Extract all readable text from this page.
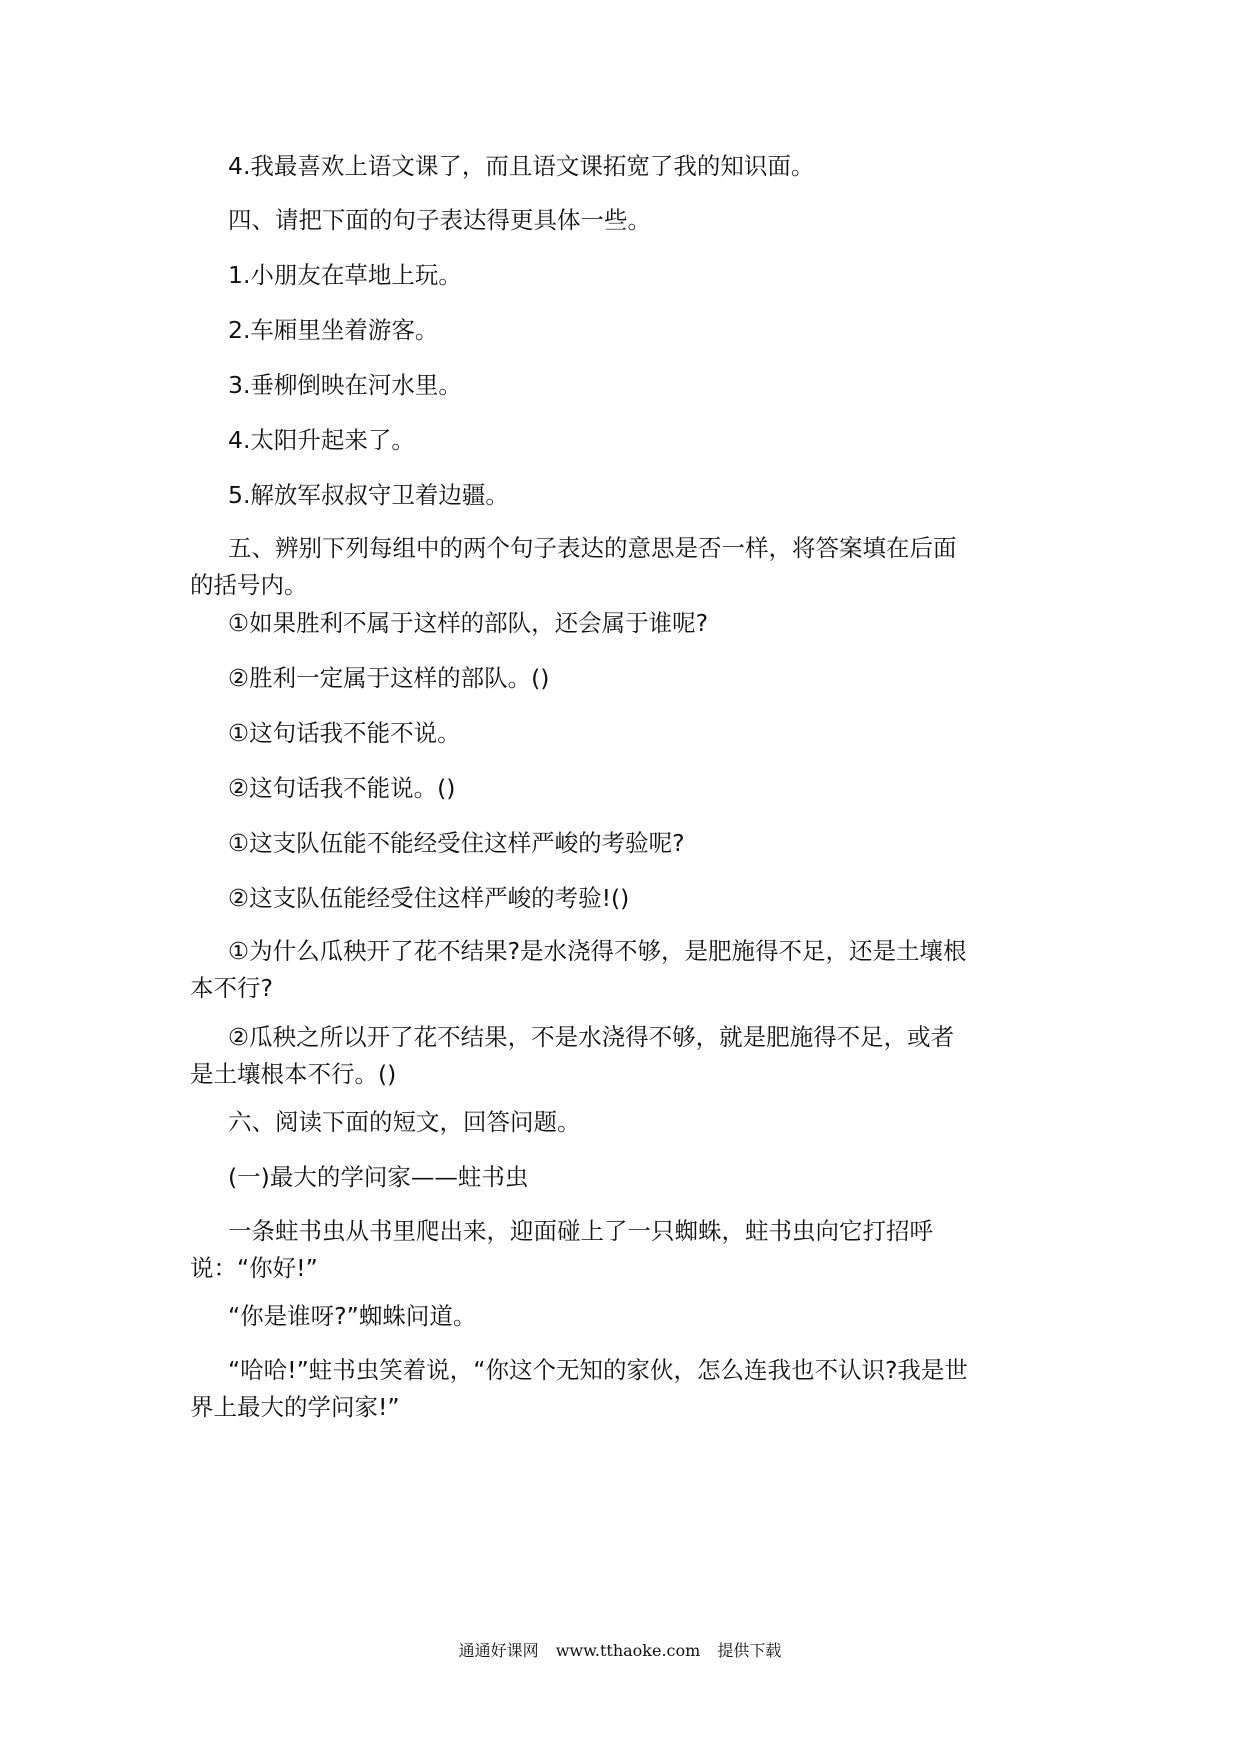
4.我最喜欢上语文课了，而且语文课拓宽了我的知识面。

四、请把下面的句子表达得更具体一些。

1.小朋友在草地上玩。

2.车厢里坐着游客。

3.垂柳倒映在河水里。

4.太阳升起来了。

5.解放军叔叔守卫着边疆。

五、辨别下列每组中的两个句子表达的意思是否一样，将答案填在后面的括号内。

①如果胜利不属于这样的部队，还会属于谁呢?

②胜利一定属于这样的部队。()

①这句话我不能不说。

②这句话我不能说。()

①这支队伍能不能经受住这样严峻的考验呢?

②这支队伍能经受住这样严峻的考验!()

①为什么瓜秧开了花不结果?是水浇得不够，是肥施得不足，还是土壤根本不行?

②瓜秧之所以开了花不结果，不是水浇得不够，就是肥施得不足，或者是土壤根本不行。()

六、阅读下面的短文，回答问题。

(一)最大的学问家——蛀书虫

一条蛀书虫从书里爬出来，迎面碰上了一只蜘蛛，蛀书虫向它打招呼说：“你好!”

“你是谁呀?”蜘蛛问道。

“哈哈!”蛀书虫笑着说，“你这个无知的家伙，怎么连我也不认识?我是世界上最大的学问家!”

通通好课网 www.tthaoke.com 提供下载
